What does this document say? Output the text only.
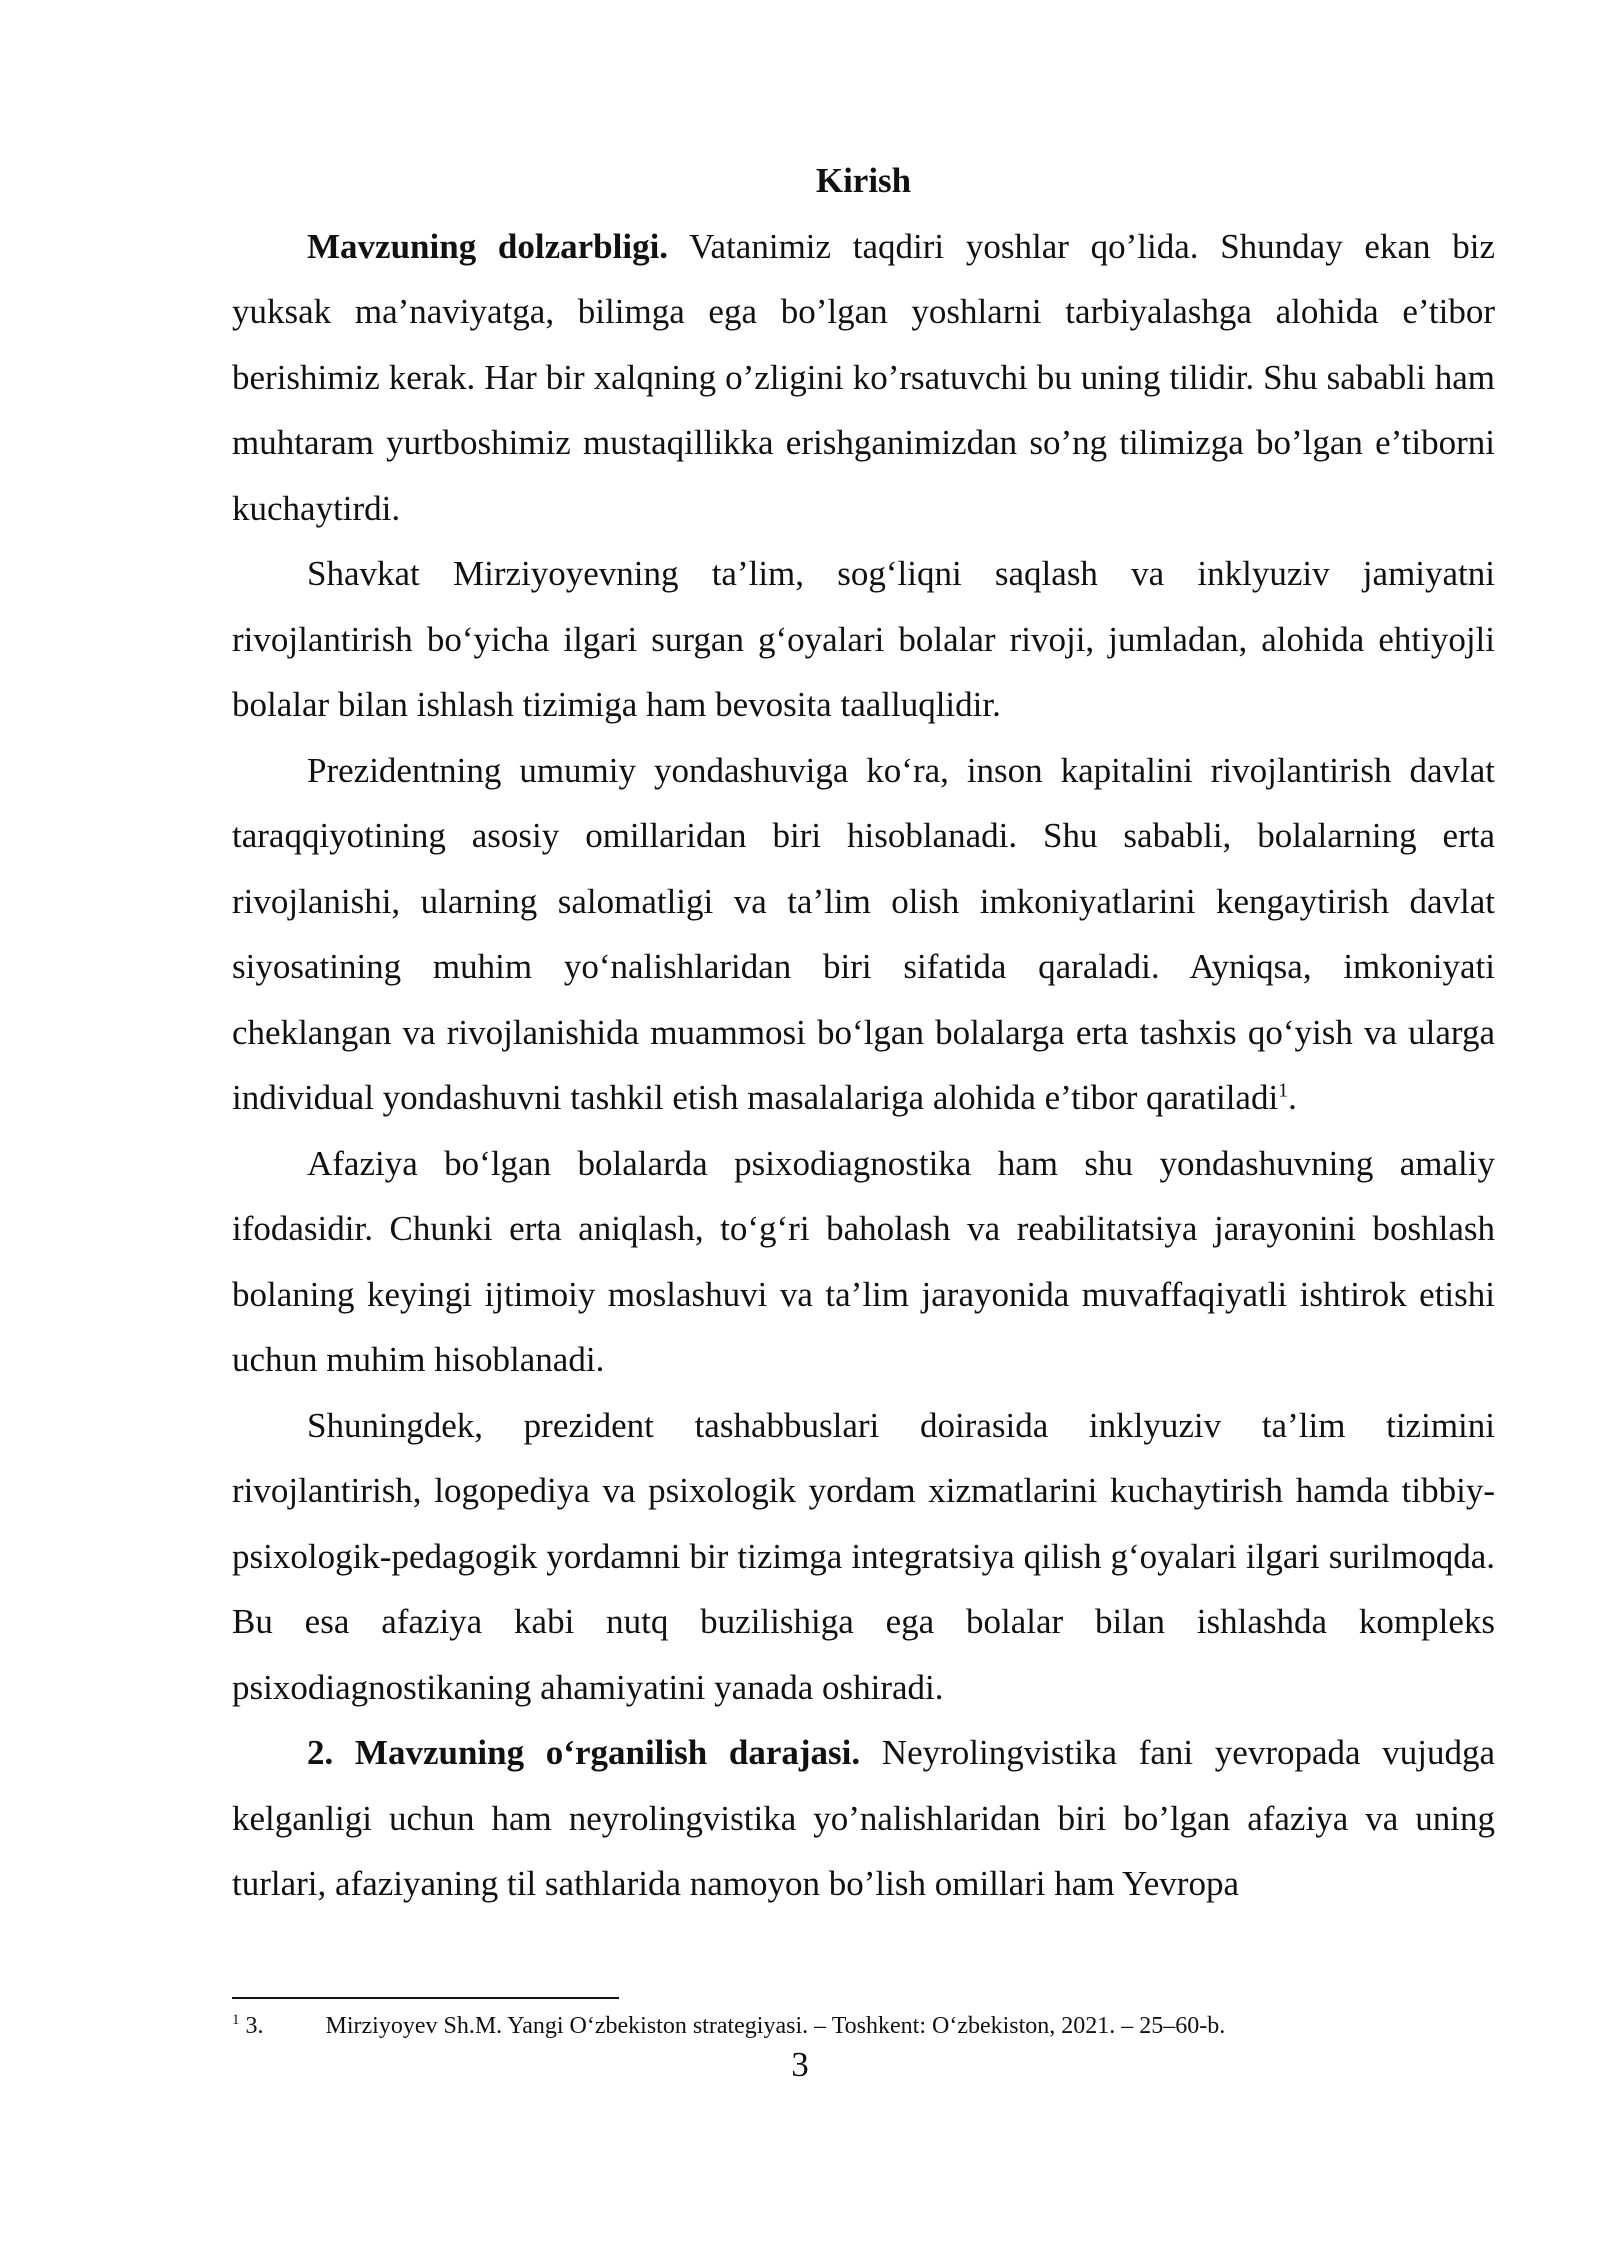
Kirish

Mavzuning dolzarbligi. Vatanimiz taqdiri yoshlar qo’lida. Shunday ekan biz yuksak ma’naviyatga, bilimga ega bo’lgan yoshlarni tarbiyalashga alohida e’tibor berishimiz kerak. Har bir xalqning o’zligini ko’rsatuvchi bu uning tilidir. Shu sababli ham muhtaram yurtboshimiz mustaqillikka erishganimizdan so’ng tilimizga bo’lgan e’tiborni kuchaytirdi.

Shavkat Mirziyoyevning ta’lim, sog‘liqni saqlash va inklyuziv jamiyatni rivojlantirish bo‘yicha ilgari surgan g‘oyalari bolalar rivoji, jumladan, alohida ehtiyojli bolalar bilan ishlash tizimiga ham bevosita taalluqlidir.

Prezidentning umumiy yondashuviga ko‘ra, inson kapitalini rivojlantirish davlat taraqqiyotining asosiy omillaridan biri hisoblanadi. Shu sababli, bolalarning erta rivojlanishi, ularning salomatligi va ta’lim olish imkoniyatlarini kengaytirish davlat siyosatining muhim yo‘nalishlaridan biri sifatida qaraladi. Ayniqsa, imkoniyati cheklangan va rivojlanishida muammosi bo‘lgan bolalarga erta tashxis qo‘yish va ularga individual yondashuvni tashkil etish masalalariga alohida e’tibor qaratiladi$^1$.

Afaziya bo‘lgan bolalarda psixodiagnostika ham shu yondashuvning amaliy ifodasidir. Chunki erta aniqlash, to‘g‘ri baholash va reabilitatsiya jarayonini boshlash bolaning keyingi ijtimoiy moslashuvi va ta’lim jarayonida muvaffaqiyatli ishtirok etishi uchun muhim hisoblanadi.

Shuningdek, prezident tashabbuslari doirasida inklyuziv ta’lim tizimini rivojlantirish, logopediya va psixologik yordam xizmatlarini kuchaytirish hamda tibbiy-psixologik-pedagogik yordamni bir tizimga integratsiya qilish g‘oyalari ilgari surilmoqda. Bu esa afaziya kabi nutq buzilishiga ega bolalar bilan ishlashda kompleks psixodiagnostikaning ahamiyatini yanada oshiradi.

2. Mavzuning o‘rganilish darajasi. Neyrolingvistika fani yevropada vujudga kelganligi uchun ham neyrolingvistika yo’nalishlaridan biri bo’lgan afaziya va uning turlari, afaziyaning til sathlarida namoyon bo’lish omillari ham Yevropa

$^1$ 3.	Mirziyoyev Sh.M. Yangi O‘zbekiston strategiyasi. – Toshkent: O‘zbekiston, 2021. – 25–60-b.
3
